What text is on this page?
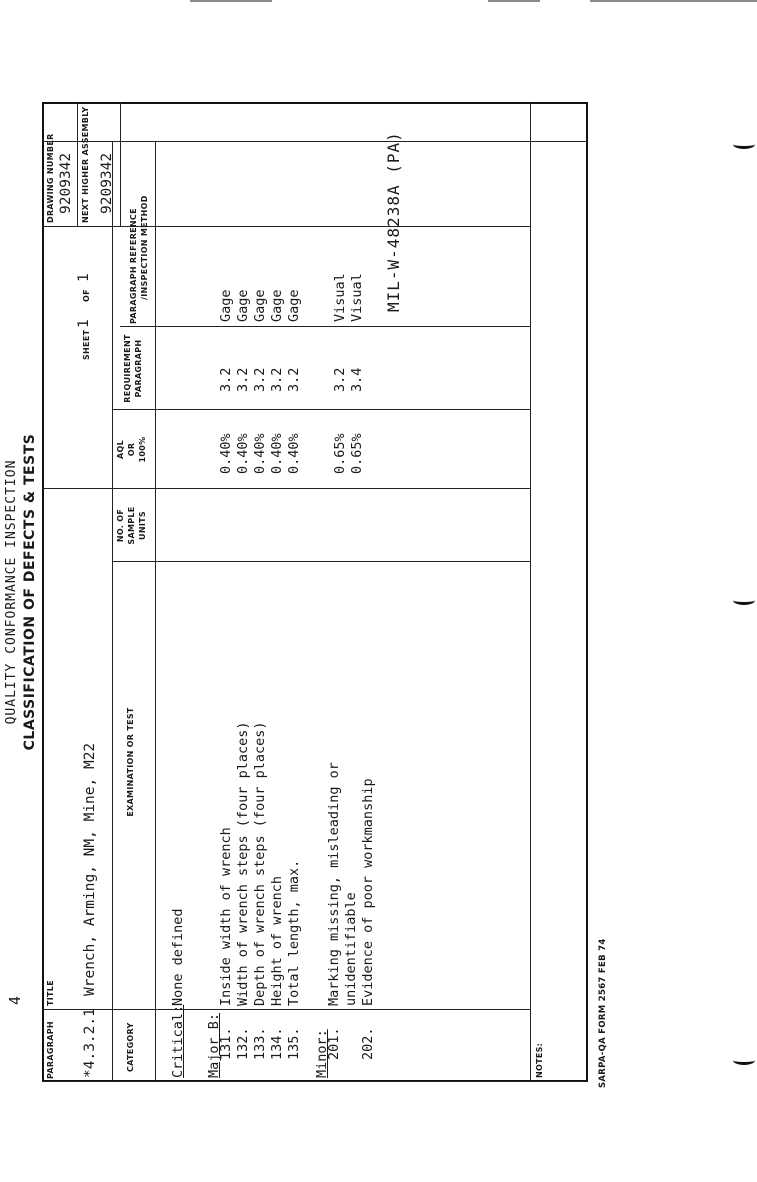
4
MIL-W-48238A (PA)
QUALITY CONFORMANCE INSPECTION CLASSIFICATION OF DEFECTS & TESTS
PARAGRAPH
TITLE
DRAWING NUMBER	NEXT HIGHER ASSEMBLY
SHEET
1
OF
1
CATEGORY
EXAMINATION OR TEST
NO. OF SAMPLE UNITS
AQL OR 100%
REQUIREMENT PARAGRAPH
PARAGRAPH REFERENCE /INSPECTION METHOD
*4.3.2.1
Wrench, Arming, NM, Mine, M22
9209342 9209342
Critical:
None defined
Major B:
131. 132. 133. 134. 135.
Inside width of wrench Width of wrench steps (four places) Depth of wrench steps (four places) Height of wrench Total length, max.
0.40% 0.40% 0.40% 0.40% 0.40%
3.2 3.2 3.2 3.2 3.2
Gage Gage Gage Gage Gage
Minor:
201. 202.
Marking missing, misleading or unidentifiable Evidence of poor workmanship
0.65% 0.65%
3.2 3.4
Visual Visual
NOTES:	SARPA-QA FORM 2567 FEB 74
